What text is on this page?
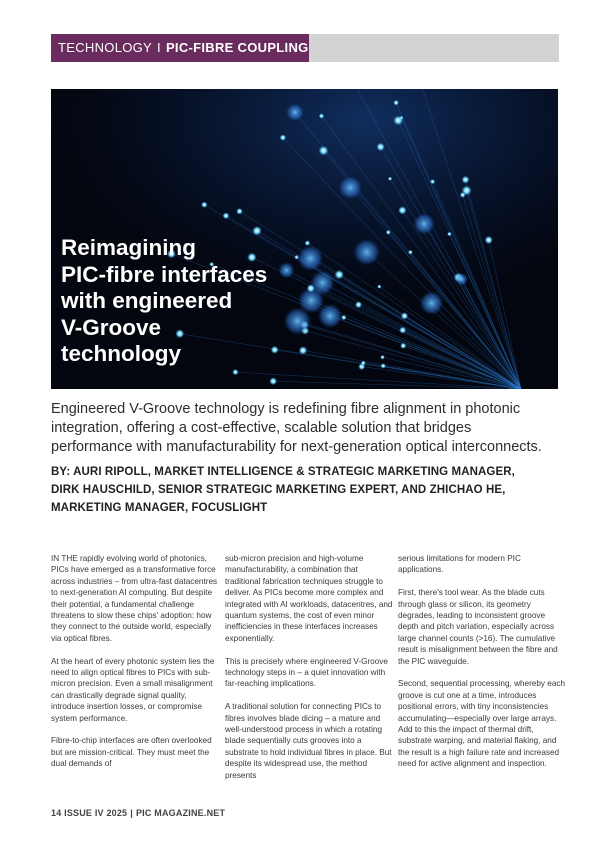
TECHNOLOGY I PIC-FIBRE COUPLING
Reimagining
PIC-fibre interfaces
with engineered
V-Groove
technology

Engineered V-Groove technology is redefining fibre alignment in photonic integration, offering a cost-effective, scalable solution that bridges performance with manufacturability for next-generation optical interconnects.

BY: AURI RIPOLL, MARKET INTELLIGENCE & STRATEGIC MARKETING MANAGER,
DIRK HAUSCHILD, SENIOR STRATEGIC MARKETING EXPERT, AND ZHICHAO HE,
MARKETING MANAGER, FOCUSLIGHT

IN THE rapidly evolving world of photonics, PICs have emerged as a transformative force across industries – from ultra-fast datacentres to next-generation AI computing. But despite their potential, a fundamental challenge threatens to slow these chips' adoption: how they connect to the outside world, especially via optical fibres.

At the heart of every photonic system lies the need to align optical fibres to PICs with sub-micron precision. Even a small misalignment can drastically degrade signal quality, introduce insertion losses, or compromise system performance.

Fibre-to-chip interfaces are often overlooked but are mission-critical. They must meet the dual demands of

sub-micron precision and high-volume manufacturability, a combination that traditional fabrication techniques struggle to deliver. As PICs become more complex and integrated with AI workloads, datacentres, and quantum systems, the cost of even minor inefficiencies in these interfaces increases exponentially.

This is precisely where engineered V-Groove technology steps in – a quiet innovation with far-reaching implications.

A traditional solution for connecting PICs to fibres involves blade dicing – a mature and well-understood process in which a rotating blade sequentially cuts grooves into a substrate to hold individual fibres in place. But despite its widespread use, the method presents

serious limitations for modern PIC applications.

First, there's tool wear. As the blade cuts through glass or silicon, its geometry degrades, leading to inconsistent groove depth and pitch variation, especially across large channel counts (>16). The cumulative result is misalignment between the fibre and the PIC waveguide.

Second, sequential processing, whereby each groove is cut one at a time, introduces positional errors, with tiny inconsistencies accumulating—especially over large arrays. Add to this the impact of thermal drift, substrate warping, and material flaking, and the result is a high failure rate and increased need for active alignment and inspection.

14 ISSUE IV 2025 | PIC MAGAZINE.NET
